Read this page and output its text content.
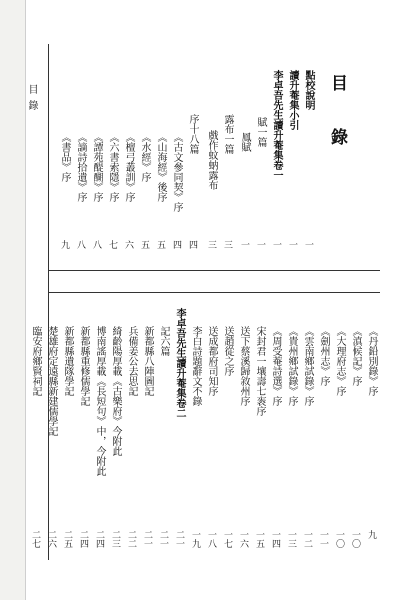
目錄	目　錄
點校說明
一
讀升菴集小引
一
李卓吾先生讀升菴集卷一
一
賦一篇
一
鳳賦
一
露布一篇
三
戲作蚊蚋露布
三
序十八篇
四
《古文參同契》序
四
《山海經》後序
五
《水經》序
五
《檀弓叢訓》序
六
《六書索隱》序
七
《譚苑醍醐》序
八
《謫詩拾遺》序
八
《書品》序
九
《丹鉛別錄》序
九
《滇候記》序
一〇
《大理府志》序
一〇
《劍州志》序
一一
《雲南鄉試錄》序
一二
《貴州鄉試錄》序
一三
《周受菴詩選》序
一四
宋封君一壤壽七袠序
一五
送下蔡溪歸敘州序
一六
送趙從之序
一七
送成都府司知序
一八
李白詩題辭文不錄
一九
李卓吾先生讀升菴集卷二
二一
記六篇
二一
新都縣八陣圖記
二一
兵備姜公去思記
二二
綺齡陽厚載《古樂府》今附此
二三
博南謠厚載《長短句》中，今附此
二四
新都縣重修儒學記
二四
新都縣遺隊學記
二五
楚雄府定遠縣新建儒學記
二六
臨安府鄉賢祠記
二七
